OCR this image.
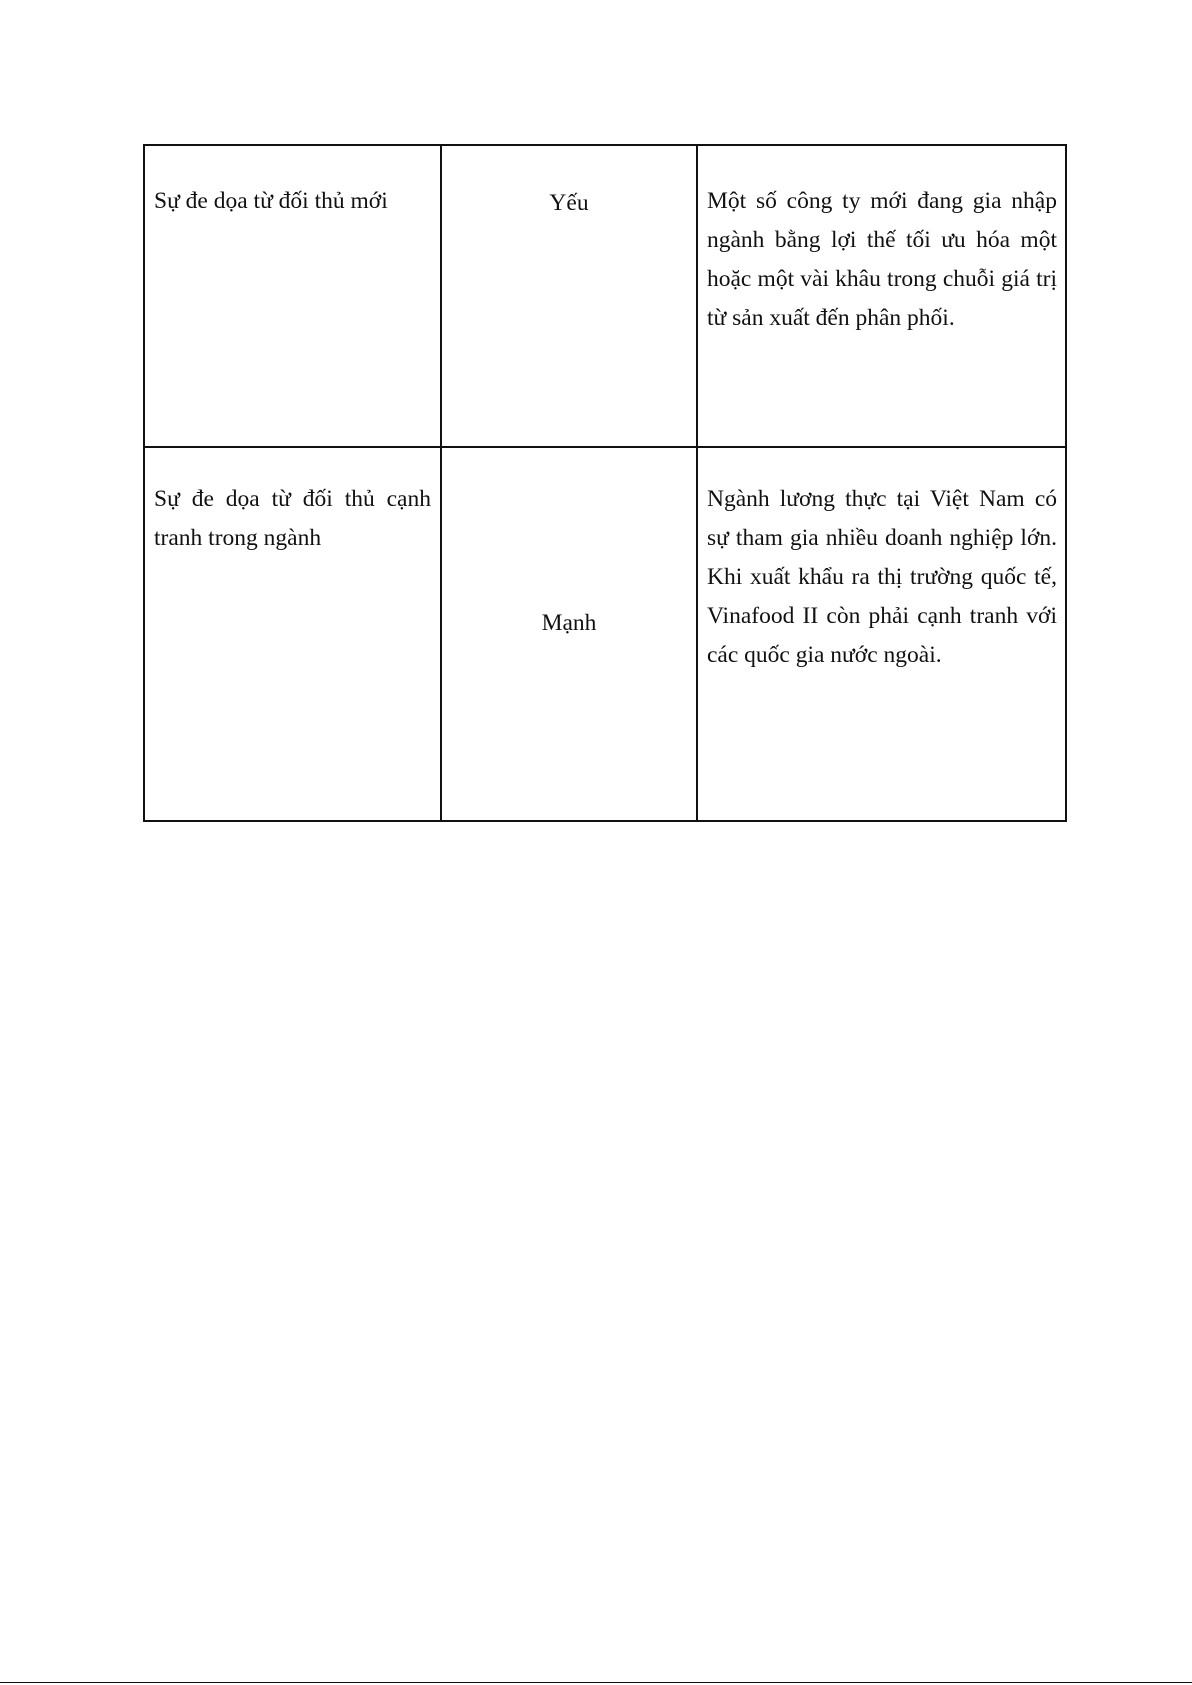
Sự đe dọa từ đối thủ mới	Yếu	Một số công ty mới đang gia nhập ngành bằng lợi thế tối ưu hóa một hoặc một vài khâu trong chuỗi giá trị từ sản xuất đến phân phối.
Sự đe dọa từ đối thủ cạnh tranh trong ngành	Mạnh	Ngành lương thực tại Việt Nam có sự tham gia nhiều doanh nghiệp lớn. Khi xuất khẩu ra thị trường quốc tế, Vinafood II còn phải cạnh tranh với các quốc gia nước ngoài.
